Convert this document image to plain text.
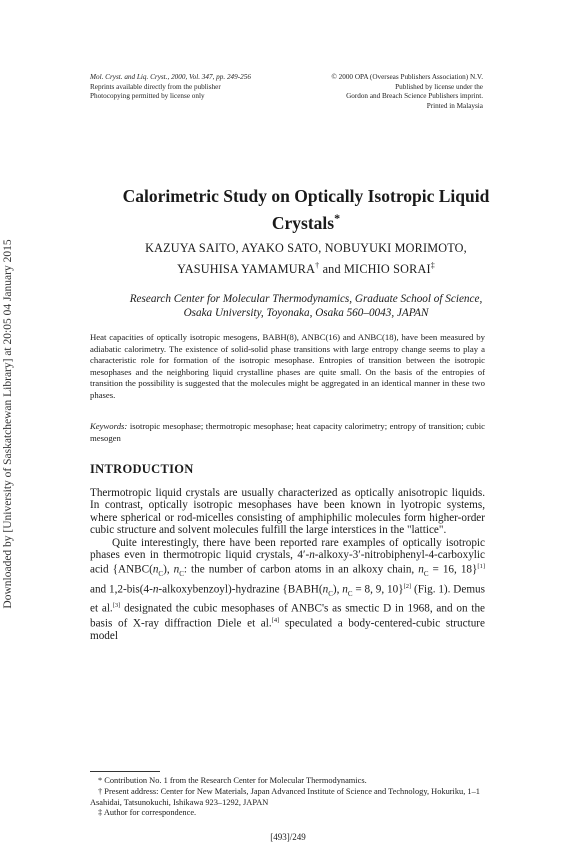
Downloaded by [University of Saskatchewan Library] at 20:05 04 January 2015
Mol. Cryst. and Liq. Cryst., 2000, Vol. 347, pp. 249-256
Reprints available directly from the publisher
Photocopying permitted by license only
© 2000 OPA (Overseas Publishers Association) N.V.
Published by license under the
Gordon and Breach Science Publishers imprint.
Printed in Malaysia
Calorimetric Study on Optically Isotropic Liquid
Crystals*
KAZUYA SAITO, AYAKO SATO, NOBUYUKI MORIMOTO,
YASUHISA YAMAMURA† and MICHIO SORAI‡
Research Center for Molecular Thermodynamics, Graduate School of Science,
Osaka University, Toyonaka, Osaka 560–0043, JAPAN
Heat capacities of optically isotropic mesogens, BABH(8), ANBC(16) and ANBC(18), have been measured by adiabatic calorimetry. The existence of solid-solid phase transitions with large entropy change seems to play a characteristic role for formation of the isotropic mesophase. Entropies of transition between the isotropic mesophases and the neighboring liquid crystalline phases are quite small. On the basis of the entropies of transition the possibility is suggested that the molecules might be aggregated in an identical manner in these two phases.
Keywords: isotropic mesophase; thermotropic mesophase; heat capacity calorimetry; entropy of transition; cubic mesogen
INTRODUCTION

Thermotropic liquid crystals are usually characterized as optically anisotropic liquids. In contrast, optically isotropic mesophases have been known in lyotropic systems, where spherical or rod-micelles consisting of amphiphilic molecules form higher-order cubic structure and solvent molecules fulfill the large interstices in the "lattice".

Quite interestingly, there have been reported rare examples of optically isotropic phases even in thermotropic liquid crystals, 4′-n-alkoxy-3′-nitrobiphenyl-4-carboxylic acid {$ANBC(n_C)$, $n_C$: the number of carbon atoms in an alkoxy chain, $n_C = 16$, 18}[1] and 1,2-bis(4-n-alkoxybenzoyl)-hydrazine {$BABH(n_C)$, $n_C = 8$, 9, 10}[2] (Fig. 1). Demus et al.[3] designated the cubic mesophases of ANBC's as smectic D in 1968, and on the basis of X-ray diffraction Diele et al.[4] speculated a body-centered-cubic structure model

* Contribution No. 1 from the Research Center for Molecular Thermodynamics.
† Present address: Center for New Materials, Japan Advanced Institute of Science and Technology, Hokuriku, 1–1 Asahidai, Tatsunokuchi, Ishikawa 923–1292, JAPAN
‡ Author for correspondence.
[493]/249
